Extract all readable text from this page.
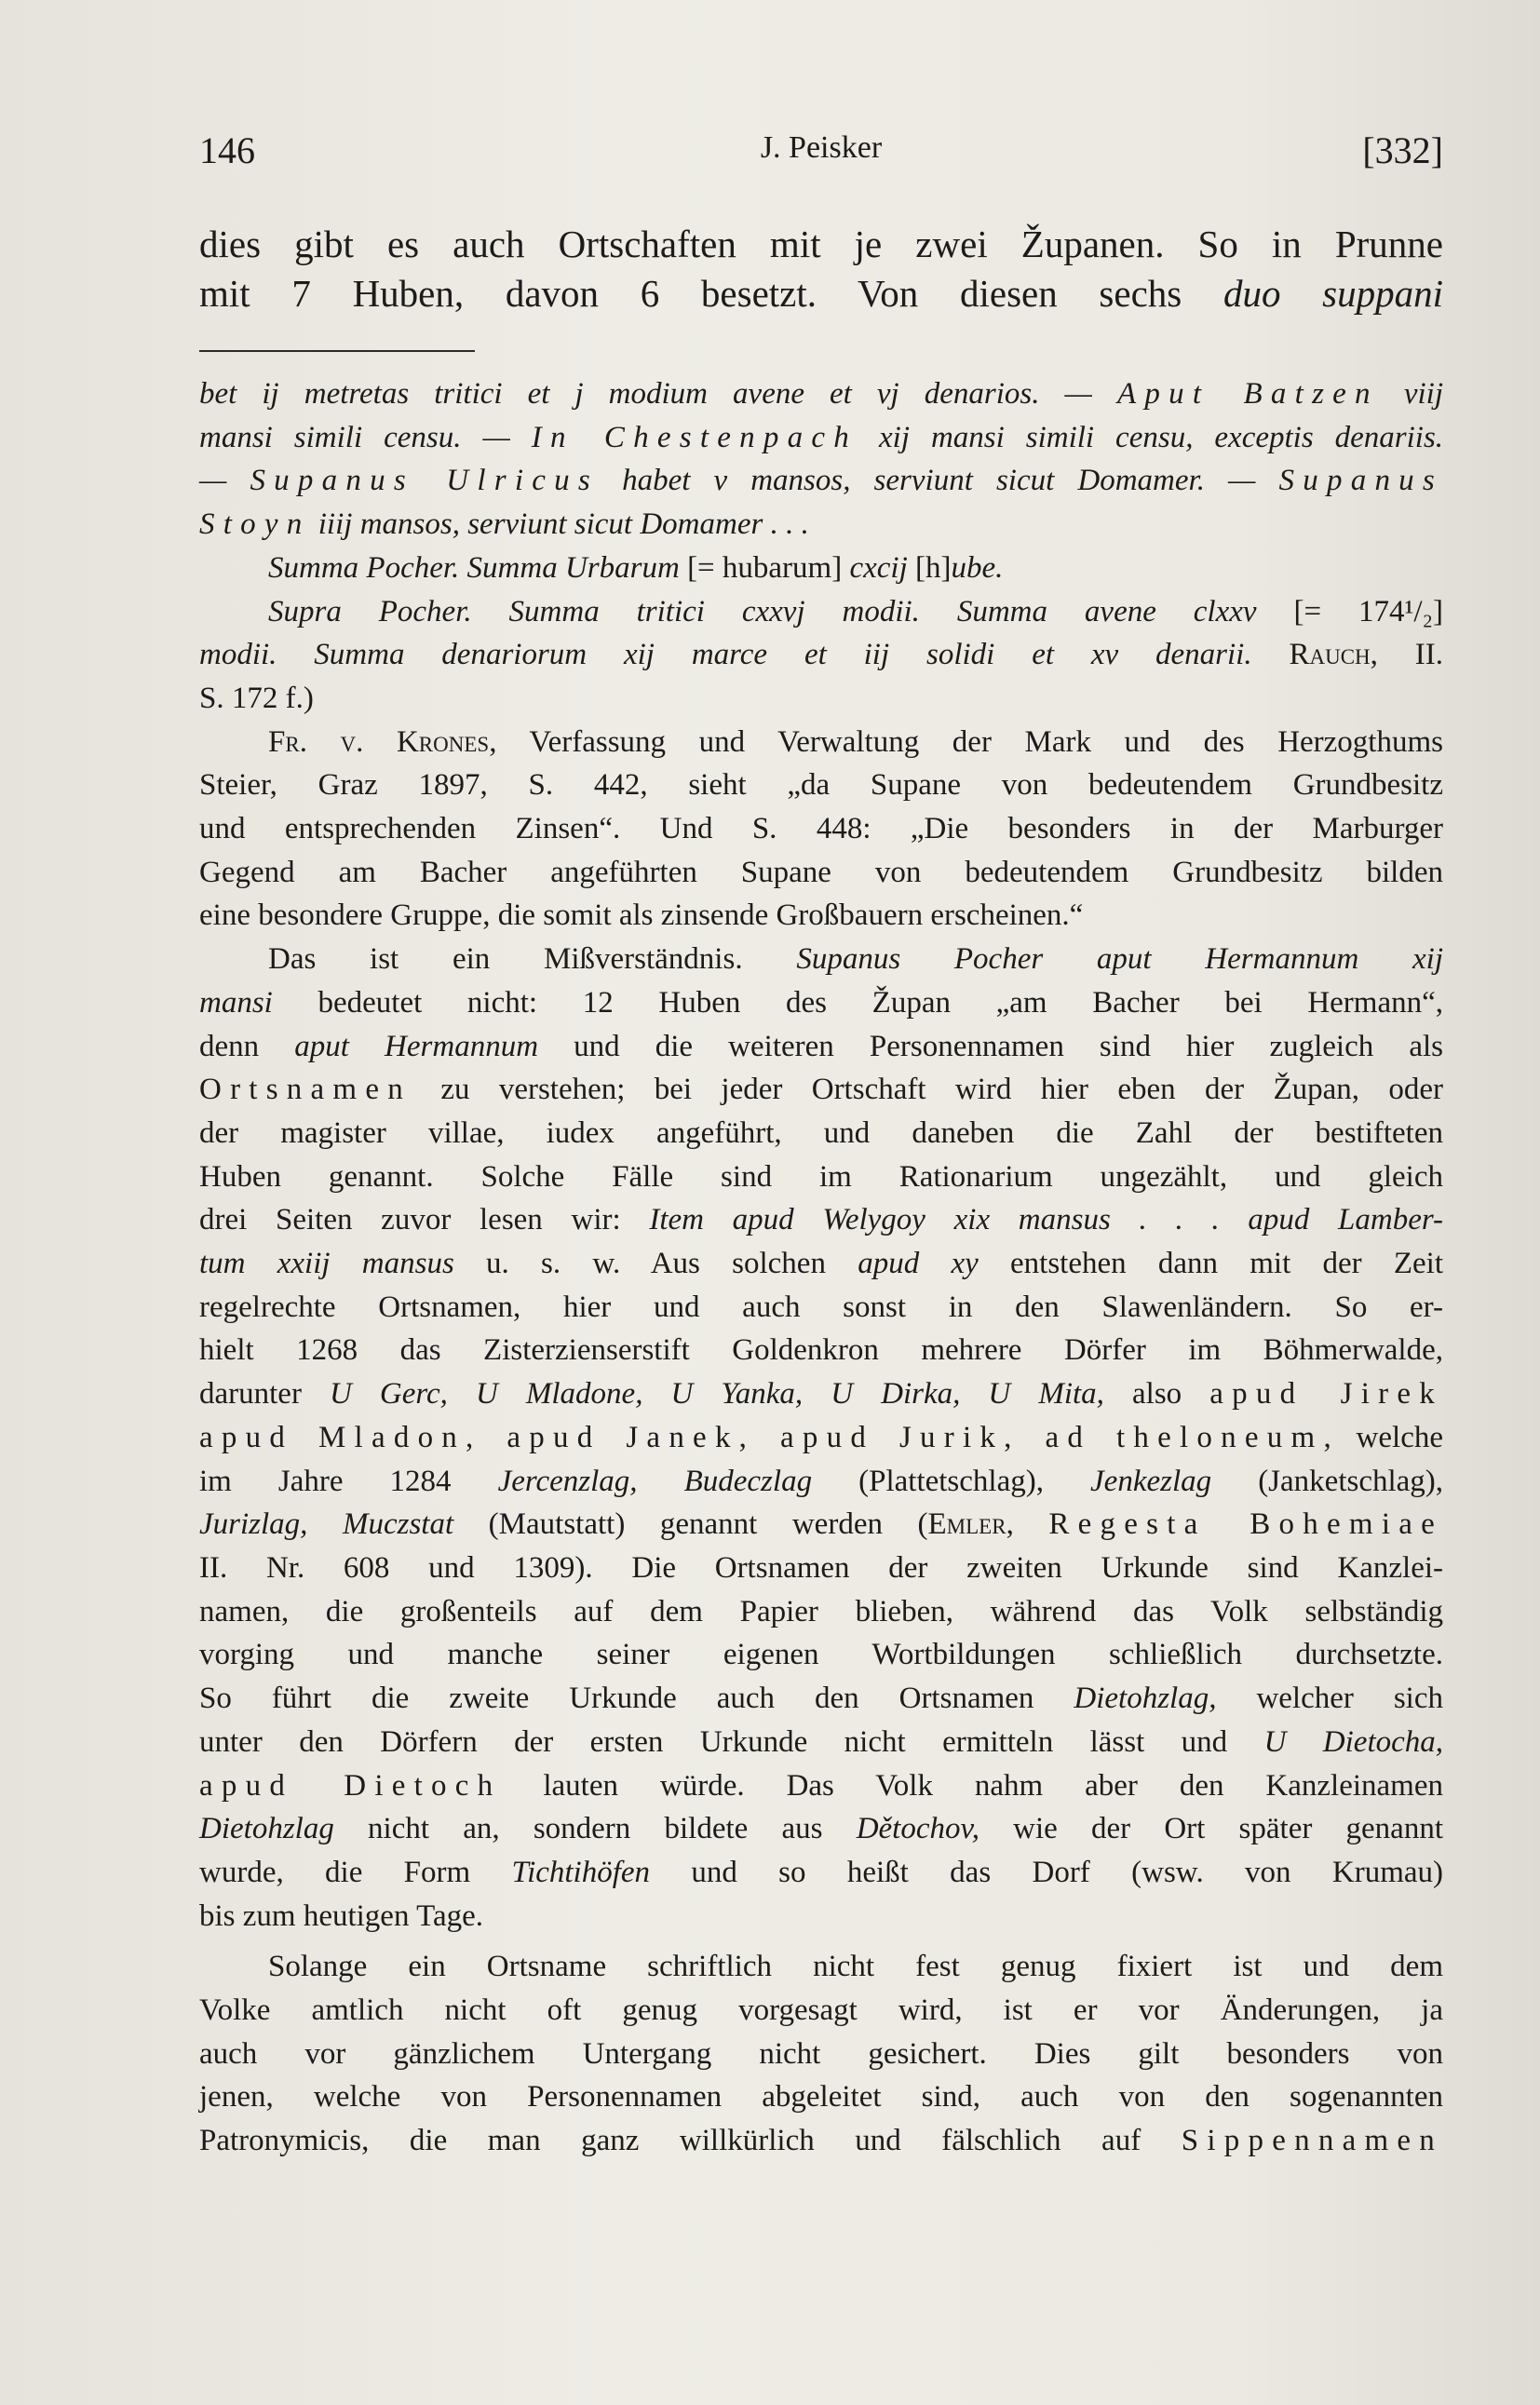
146	J. Peisker	[332]
dies gibt es auch Ortschaften mit je zwei Županen. So in Prunne
mit 7 Huben, davon 6 besetzt. Von diesen sechs duo suppani
bet ij metretas tritici et j modium avene et vj denarios. — Aput Batzen viij
mansi simili censu. — In Chestenpach xij mansi simili censu, exceptis denariis.
— Supanus Ulricus habet v mansos, serviunt sicut Domamer. — Supanus
Stoyn iiij mansos, serviunt sicut Domamer . . .
Summa Pocher. Summa Urbarum [= hubarum] cxcij [h]ube.
Supra Pocher. Summa tritici cxxvj modii. Summa avene clxxv [= 174¹/₂]
modii. Summa denariorum xij marce et iij solidi et xv denarii. Rauch, II.
S. 172 f.)
Fr. v. Krones, Verfassung und Verwaltung der Mark und des Herzogthums
Steier, Graz 1897, S. 442, sieht „da Supane von bedeutendem Grundbesitz
und entsprechenden Zinsen“. Und S. 448: „Die besonders in der Marburger
Gegend am Bacher angeführten Supane von bedeutendem Grundbesitz bilden
eine besondere Gruppe, die somit als zinsende Großbauern erscheinen.“
Das ist ein Mißverständnis. Supanus Pocher aput Hermannum xij
mansi bedeutet nicht: 12 Huben des Župan „am Bacher bei Hermann“,
denn aput Hermannum und die weiteren Personennamen sind hier zugleich als
Ortsnamen zu verstehen; bei jeder Ortschaft wird hier eben der Župan, oder
der magister villae, iudex angeführt, und daneben die Zahl der bestifteten
Huben genannt. Solche Fälle sind im Rationarium ungezählt, und gleich
drei Seiten zuvor lesen wir: Item apud Welygoy xix mansus . . . apud Lamber-
tum xxiij mansus u. s. w. Aus solchen apud xy entstehen dann mit der Zeit
regelrechte Ortsnamen, hier und auch sonst in den Slawenländern. So er-
hielt 1268 das Zisterzienserstift Goldenkron mehrere Dörfer im Böhmerwalde,
darunter U Gerc, U Mladone, U Yanka, U Dirka, U Mita, also apud Jirek
apud Mladon, apud Janek, apud Jurik, ad theloneum, welche
im Jahre 1284 Jercenzlag, Budeczlag (Plattetschlag), Jenkezlag (Janketschlag),
Jurizlag, Muczstat (Mautstatt) genannt werden (Emler, Regesta Bohemiae
II. Nr. 608 und 1309). Die Ortsnamen der zweiten Urkunde sind Kanzlei-
namen, die großenteils auf dem Papier blieben, während das Volk selbständig
vorging und manche seiner eigenen Wortbildungen schließlich durchsetzte.
So führt die zweite Urkunde auch den Ortsnamen Dietohzlag, welcher sich
unter den Dörfern der ersten Urkunde nicht ermitteln lässt und U Dietocha,
apud Dietoch lauten würde. Das Volk nahm aber den Kanzleinamen
Dietohzlag nicht an, sondern bildete aus Dětochov, wie der Ort später genannt
wurde, die Form Tichtihöfen und so heißt das Dorf (wsw. von Krumau)
bis zum heutigen Tage.
Solange ein Ortsname schriftlich nicht fest genug fixiert ist und dem
Volke amtlich nicht oft genug vorgesagt wird, ist er vor Änderungen, ja
auch vor gänzlichem Untergang nicht gesichert. Dies gilt besonders von
jenen, welche von Personennamen abgeleitet sind, auch von den sogenannten
Patronymicis, die man ganz willkürlich und fälschlich auf Sippennamen
